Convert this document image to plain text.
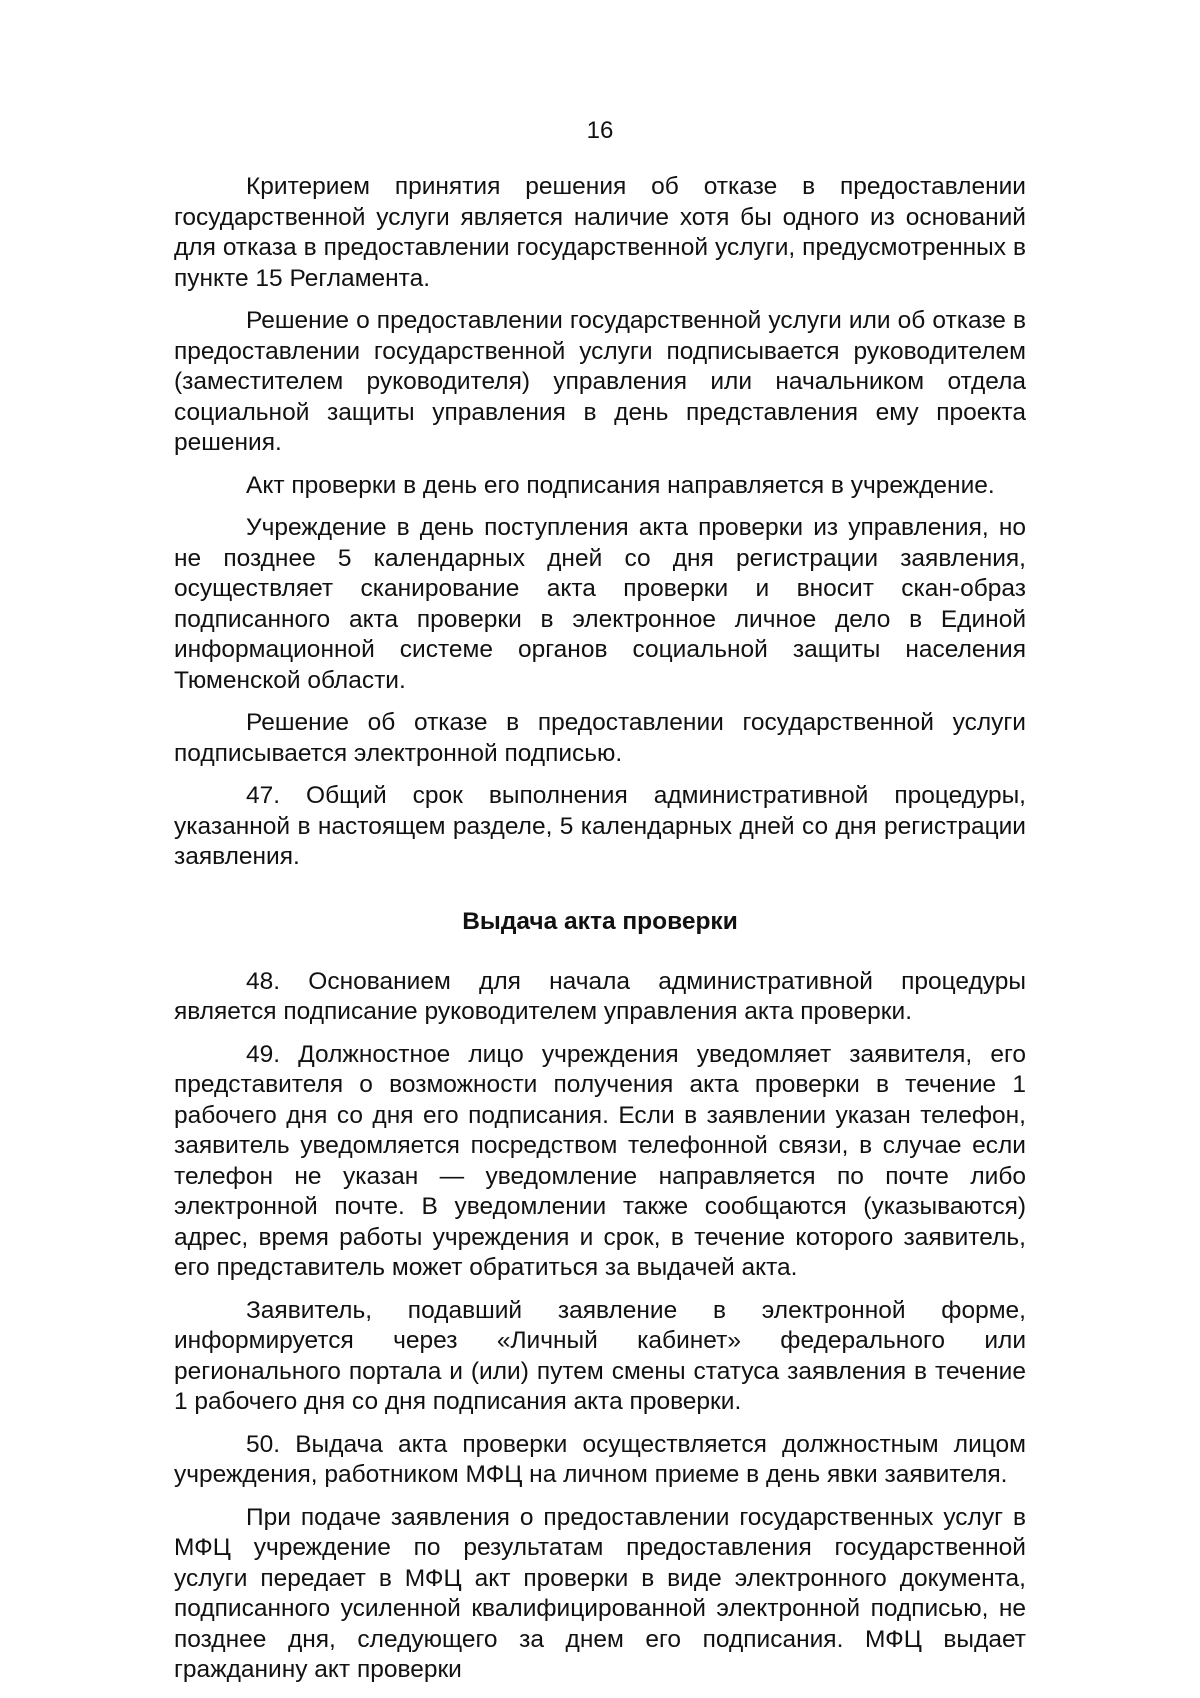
16

Критерием принятия решения об отказе в предоставлении государственной услуги является наличие хотя бы одного из оснований для отказа в предоставлении государственной услуги, предусмотренных в пункте 15 Регламента.

Решение о предоставлении государственной услуги или об отказе в предоставлении государственной услуги подписывается руководителем (заместителем руководителя) управления или начальником отдела социальной защиты управления в день представления ему проекта решения.

Акт проверки в день его подписания направляется в учреждение.

Учреждение в день поступления акта проверки из управления, но не позднее 5 календарных дней со дня регистрации заявления, осуществляет сканирование акта проверки и вносит скан-образ подписанного акта проверки в электронное личное дело в Единой информационной системе органов социальной защиты населения Тюменской области.

Решение об отказе в предоставлении государственной услуги подписывается электронной подписью.

47. Общий срок выполнения административной процедуры, указанной в настоящем разделе, 5 календарных дней со дня регистрации заявления.

Выдача акта проверки

48. Основанием для начала административной процедуры является подписание руководителем управления акта проверки.

49. Должностное лицо учреждения уведомляет заявителя, его представителя о возможности получения акта проверки в течение 1 рабочего дня со дня его подписания. Если в заявлении указан телефон, заявитель уведомляется посредством телефонной связи, в случае если телефон не указан — уведомление направляется по почте либо электронной почте. В уведомлении также сообщаются (указываются) адрес, время работы учреждения и срок, в течение которого заявитель, его представитель может обратиться за выдачей акта.

Заявитель, подавший заявление в электронной форме, информируется через «Личный кабинет» федерального или регионального портала и (или) путем смены статуса заявления в течение 1 рабочего дня со дня подписания акта проверки.

50. Выдача акта проверки осуществляется должностным лицом учреждения, работником МФЦ на личном приеме в день явки заявителя.

При подаче заявления о предоставлении государственных услуг в МФЦ учреждение по результатам предоставления государственной услуги передает в МФЦ акт проверки в виде электронного документа, подписанного усиленной квалифицированной электронной подписью, не позднее дня, следующего за днем его подписания. МФЦ выдает гражданину акт проверки
